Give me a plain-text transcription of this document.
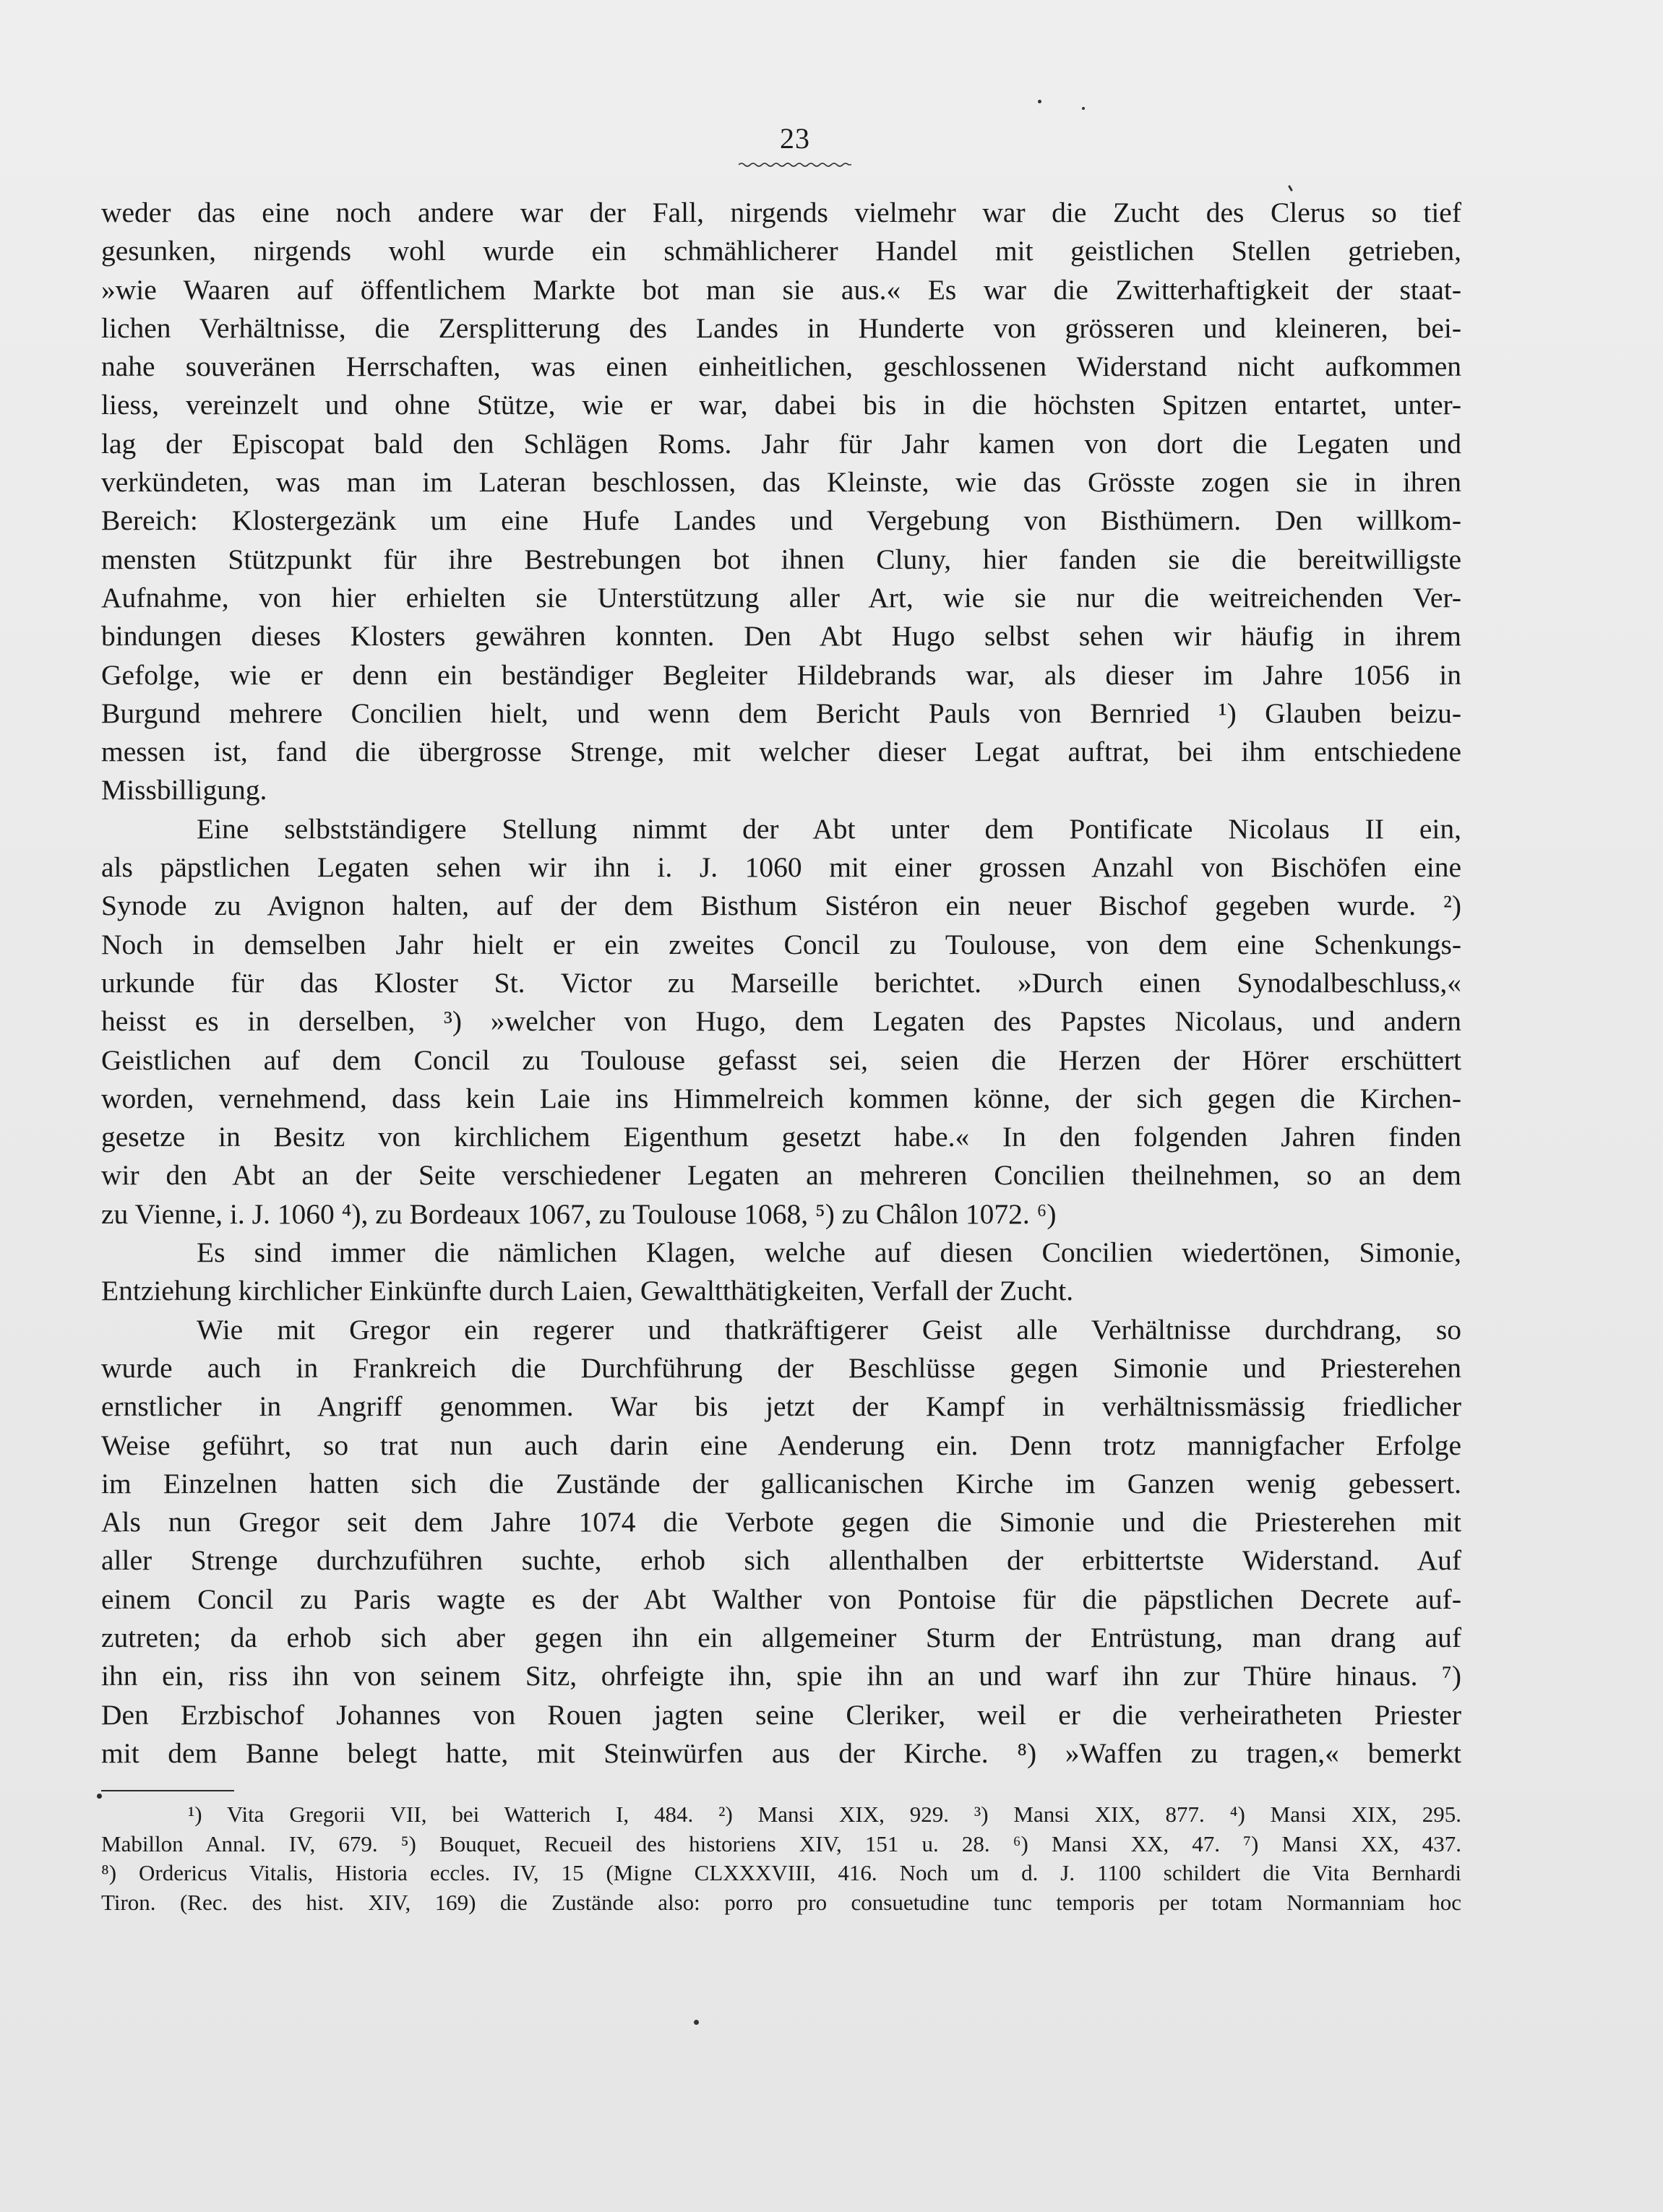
23
weder das eine noch andere war der Fall, nirgends vielmehr war die Zucht des Clerus so tief
gesunken, nirgends wohl wurde ein schmählicherer Handel mit geistlichen Stellen getrieben,
»wie Waaren auf öffentlichem Markte bot man sie aus.« Es war die Zwitterhaftigkeit der staat-
lichen Verhältnisse, die Zersplitterung des Landes in Hunderte von grösseren und kleineren, bei-
nahe souveränen Herrschaften, was einen einheitlichen, geschlossenen Widerstand nicht aufkommen
liess, vereinzelt und ohne Stütze, wie er war, dabei bis in die höchsten Spitzen entartet, unter-
lag der Episcopat bald den Schlägen Roms. Jahr für Jahr kamen von dort die Legaten und
verkündeten, was man im Lateran beschlossen, das Kleinste, wie das Grösste zogen sie in ihren
Bereich: Klostergezänk um eine Hufe Landes und Vergebung von Bisthümern. Den willkom-
mensten Stützpunkt für ihre Bestrebungen bot ihnen Cluny, hier fanden sie die bereitwilligste
Aufnahme, von hier erhielten sie Unterstützung aller Art, wie sie nur die weitreichenden Ver-
bindungen dieses Klosters gewähren konnten. Den Abt Hugo selbst sehen wir häufig in ihrem
Gefolge, wie er denn ein beständiger Begleiter Hildebrands war, als dieser im Jahre 1056 in
Burgund mehrere Concilien hielt, und wenn dem Bericht Pauls von Bernried ¹) Glauben beizu-
messen ist, fand die übergrosse Strenge, mit welcher dieser Legat auftrat, bei ihm entschiedene
Missbilligung.
Eine selbstständigere Stellung nimmt der Abt unter dem Pontificate Nicolaus II ein,
als päpstlichen Legaten sehen wir ihn i. J. 1060 mit einer grossen Anzahl von Bischöfen eine
Synode zu Avignon halten, auf der dem Bisthum Sistéron ein neuer Bischof gegeben wurde. ²)
Noch in demselben Jahr hielt er ein zweites Concil zu Toulouse, von dem eine Schenkungs-
urkunde für das Kloster St. Victor zu Marseille berichtet. »Durch einen Synodalbeschluss,«
heisst es in derselben, ³) »welcher von Hugo, dem Legaten des Papstes Nicolaus, und andern
Geistlichen auf dem Concil zu Toulouse gefasst sei, seien die Herzen der Hörer erschüttert
worden, vernehmend, dass kein Laie ins Himmelreich kommen könne, der sich gegen die Kirchen-
gesetze in Besitz von kirchlichem Eigenthum gesetzt habe.« In den folgenden Jahren finden
wir den Abt an der Seite verschiedener Legaten an mehreren Concilien theilnehmen, so an dem
zu Vienne, i. J. 1060 ⁴), zu Bordeaux 1067, zu Toulouse 1068, ⁵) zu Châlon 1072. ⁶)
Es sind immer die nämlichen Klagen, welche auf diesen Concilien wiedertönen, Simonie,
Entziehung kirchlicher Einkünfte durch Laien, Gewaltthätigkeiten, Verfall der Zucht.
Wie mit Gregor ein regerer und thatkräftigerer Geist alle Verhältnisse durchdrang, so
wurde auch in Frankreich die Durchführung der Beschlüsse gegen Simonie und Priesterehen
ernstlicher in Angriff genommen. War bis jetzt der Kampf in verhältnissmässig friedlicher
Weise geführt, so trat nun auch darin eine Aenderung ein. Denn trotz mannigfacher Erfolge
im Einzelnen hatten sich die Zustände der gallicanischen Kirche im Ganzen wenig gebessert.
Als nun Gregor seit dem Jahre 1074 die Verbote gegen die Simonie und die Priesterehen mit
aller Strenge durchzuführen suchte, erhob sich allenthalben der erbittertste Widerstand. Auf
einem Concil zu Paris wagte es der Abt Walther von Pontoise für die päpstlichen Decrete auf-
zutreten; da erhob sich aber gegen ihn ein allgemeiner Sturm der Entrüstung, man drang auf
ihn ein, riss ihn von seinem Sitz, ohrfeigte ihn, spie ihn an und warf ihn zur Thüre hinaus. ⁷)
Den Erzbischof Johannes von Rouen jagten seine Cleriker, weil er die verheiratheten Priester
mit dem Banne belegt hatte, mit Steinwürfen aus der Kirche. ⁸) »Waffen zu tragen,« bemerkt
¹) Vita Gregorii VII, bei Watterich I, 484. ²) Mansi XIX, 929. ³) Mansi XIX, 877. ⁴) Mansi XIX, 295.
Mabillon Annal. IV, 679. ⁵) Bouquet, Recueil des historiens XIV, 151 u. 28. ⁶) Mansi XX, 47. ⁷) Mansi XX, 437.
⁸) Ordericus Vitalis, Historia eccles. IV, 15 (Migne CLXXXVIII, 416. Noch um d. J. 1100 schildert die Vita Bernhardi
Tiron. (Rec. des hist. XIV, 169) die Zustände also: porro pro consuetudine tunc temporis per totam Normanniam hoc
